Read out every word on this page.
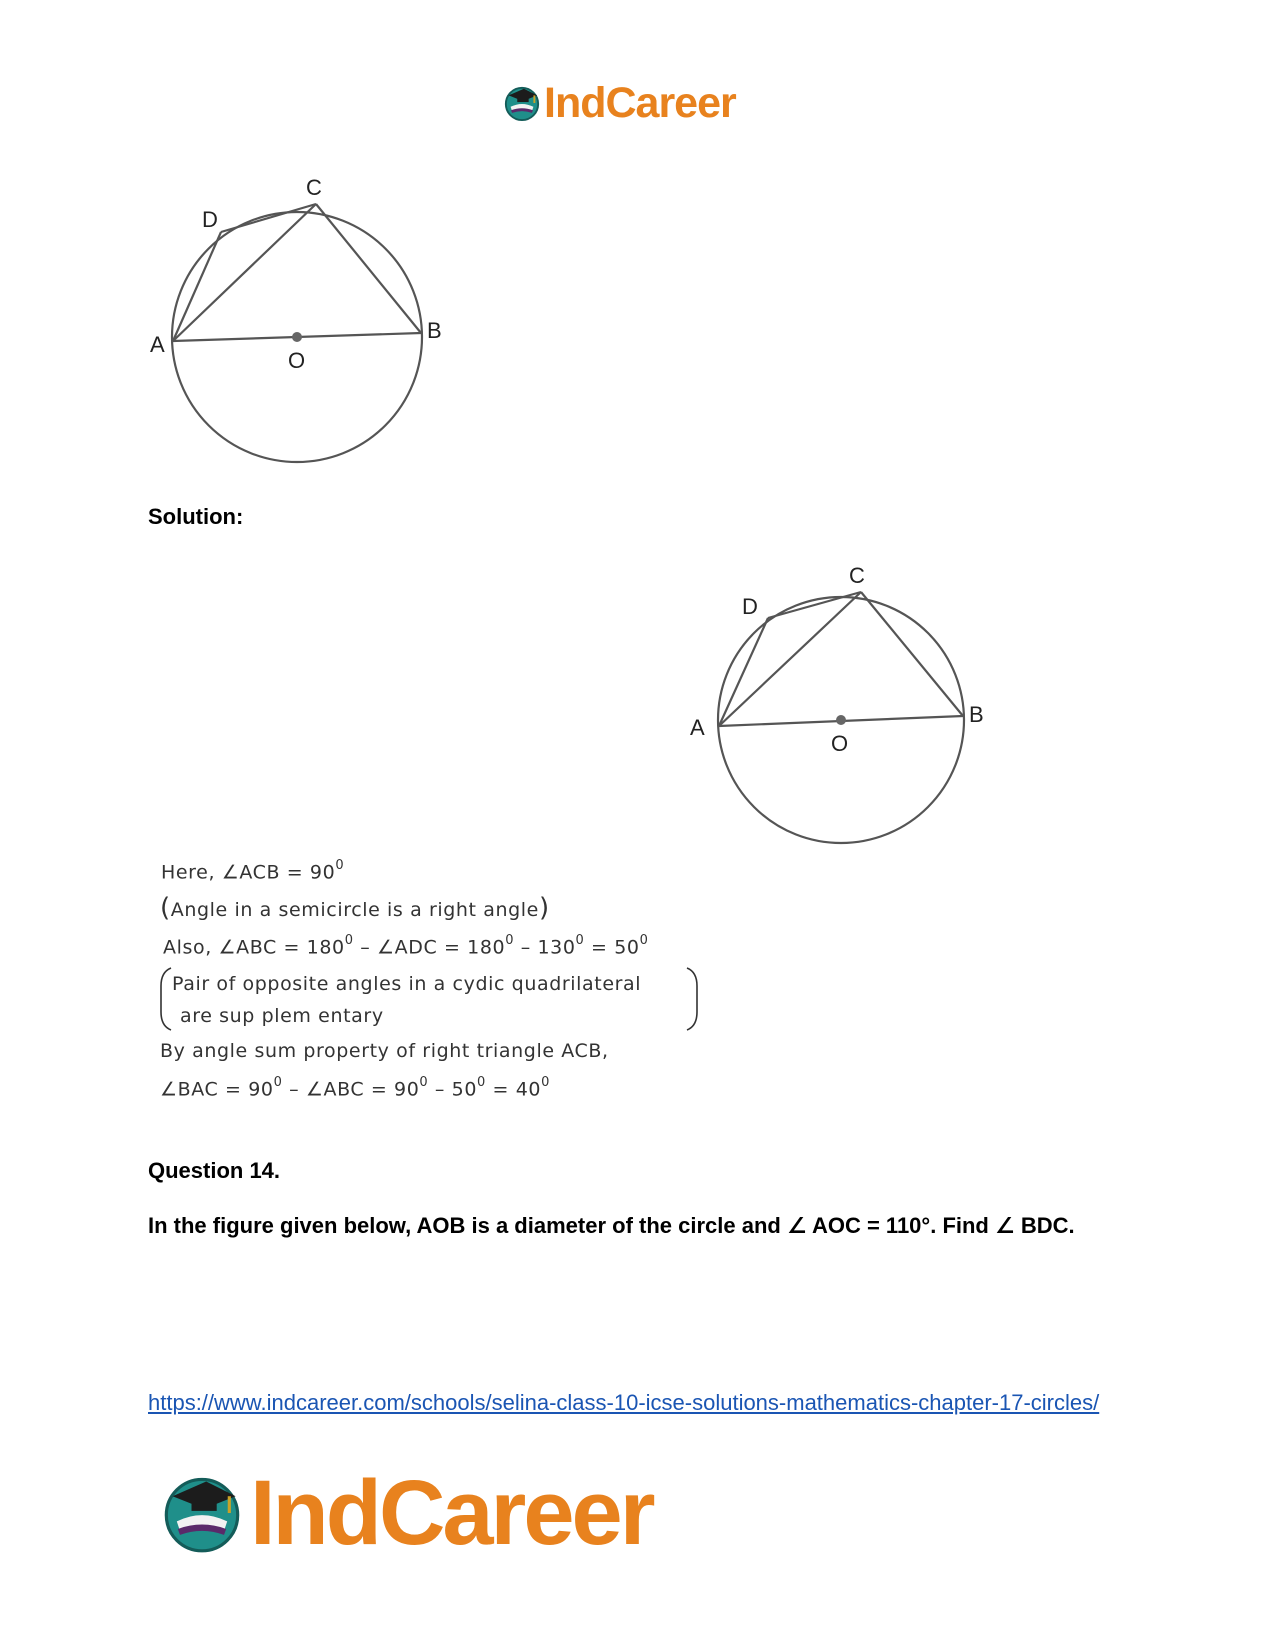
IndCareer
A
B
C
D
O
Solution:
A
B
C
D
O
Here, ∠ACB = $90^0$
(Angle in a semicircle is a right angle)
Also, ∠ABC = $180^0$ – ∠ADC = $180^0 - 130^0 = 50^0$
Pair of opposite angles in a cydic quadrilateral
are sup plem entary
By angle sum property of right triangle ACB,
∠BAC = $90^0$ – ∠ABC = $90^0 - 50^0 = 40^0$
Question 14.
In the figure given below, AOB is a diameter of the circle and ∠ AOC = 110°. Find ∠ BDC.
https://www.indcareer.com/schools/selina-class-10-icse-solutions-mathematics-chapter-17-circles/
IndCareer
